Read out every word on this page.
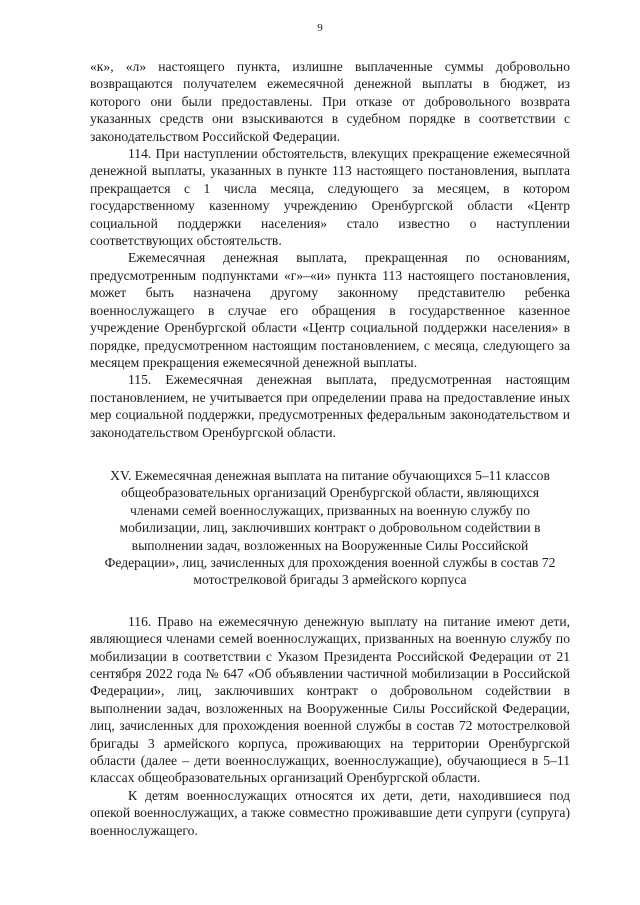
9

«к», «л» настоящего пункта, излишне выплаченные суммы добровольно возвращаются получателем ежемесячной денежной выплаты в бюджет, из которого они были предоставлены. При отказе от добровольного возврата указанных средств они взыскиваются в судебном порядке в соответствии с законодательством Российской Федерации.

114. При наступлении обстоятельств, влекущих прекращение ежемесячной денежной выплаты, указанных в пункте 113 настоящего постановления, выплата прекращается с 1 числа месяца, следующего за месяцем, в котором государственному казенному учреждению Оренбургской области «Центр социальной поддержки населения» стало известно о наступлении соответствующих обстоятельств.

Ежемесячная денежная выплата, прекращенная по основаниям, предусмотренным подпунктами «г»–«и» пункта 113 настоящего постановления, может быть назначена другому законному представителю ребенка военнослужащего в случае его обращения в государственное казенное учреждение Оренбургской области «Центр социальной поддержки населения» в порядке, предусмотренном настоящим постановлением, с месяца, следующего за месяцем прекращения ежемесячной денежной выплаты.

115. Ежемесячная денежная выплата, предусмотренная настоящим постановлением, не учитывается при определении права на предоставление иных мер социальной поддержки, предусмотренных федеральным законодательством и законодательством Оренбургской области.

XV. Ежемесячная денежная выплата на питание обучающихся 5–11 классов общеобразовательных организаций Оренбургской области, являющихся членами семей военнослужащих, призванных на военную службу по мобилизации, лиц, заключивших контракт о добровольном содействии в выполнении задач, возложенных на Вооруженные Силы Российской Федерации», лиц, зачисленных для прохождения военной службы в состав 72 мотострелковой бригады 3 армейского корпуса

116. Право на ежемесячную денежную выплату на питание имеют дети, являющиеся членами семей военнослужащих, призванных на военную службу по мобилизации в соответствии с Указом Президента Российской Федерации от 21 сентября 2022 года № 647 «Об объявлении частичной мобилизации в Российской Федерации», лиц, заключивших контракт о добровольном содействии в выполнении задач, возложенных на Вооруженные Силы Российской Федерации, лиц, зачисленных для прохождения военной службы в состав 72 мотострелковой бригады 3 армейского корпуса, проживающих на территории Оренбургской области (далее – дети военнослужащих, военнослужащие), обучающиеся в 5–11 классах общеобразовательных организаций Оренбургской области.

К детям военнослужащих относятся их дети, дети, находившиеся под опекой военнослужащих, а также совместно проживавшие дети супруги (супруга) военнослужащего.
